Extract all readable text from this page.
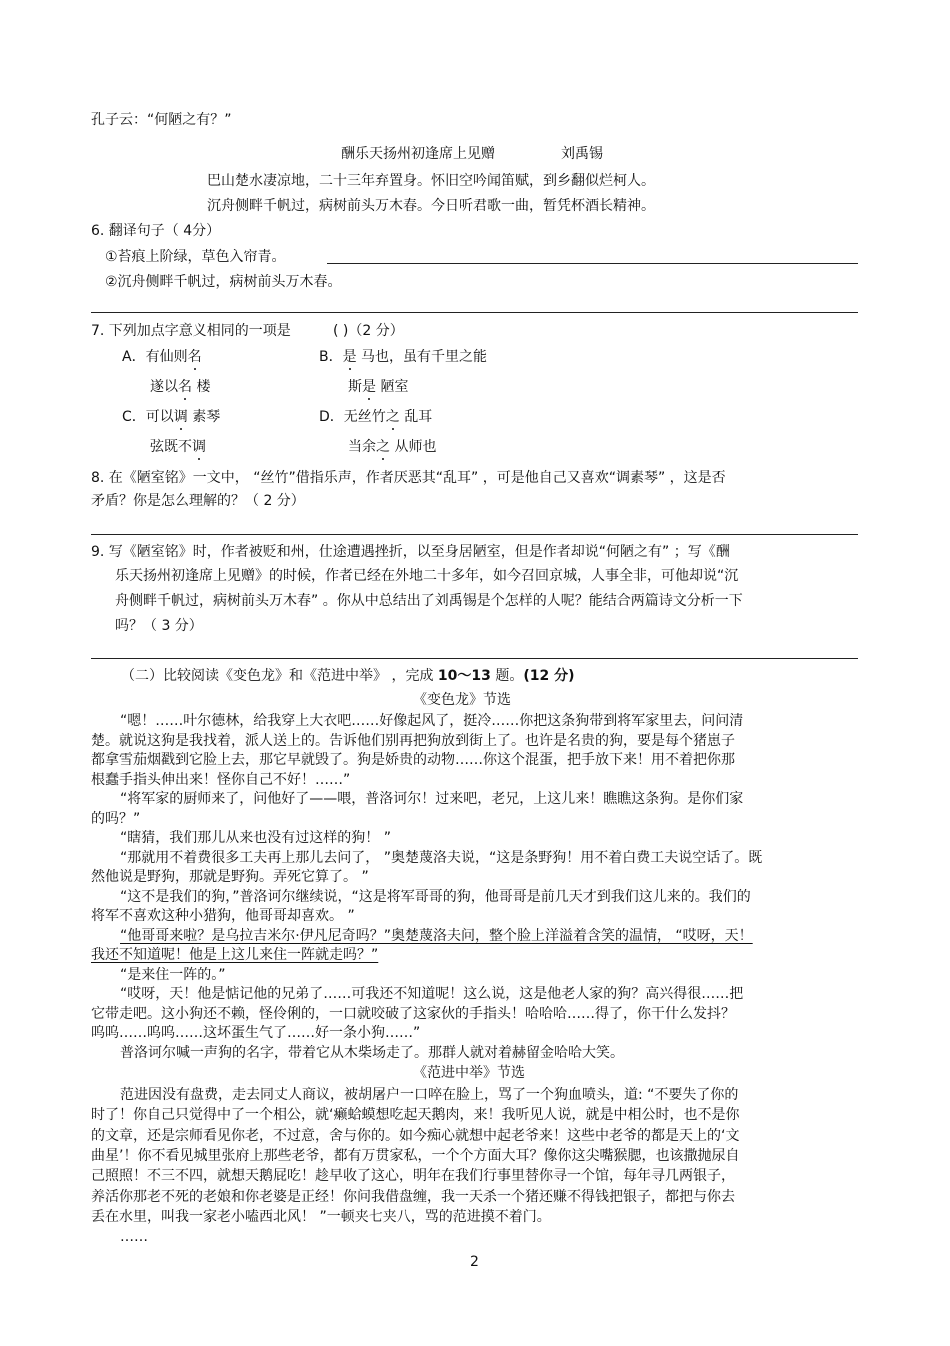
孔子云：“何陋之有？”
酬乐天扬州初逢席上见赠	刘禹锡
巴山楚水凄凉地，二十三年弃置身。怀旧空吟闻笛赋，到乡翻似烂柯人。
沉舟侧畔千帆过，病树前头万木春。今日听君歌一曲，暂凭杯酒长精神。
6. 翻译句子（ 4分）
①苔痕上阶绿，草色入帘青。
②沉舟侧畔千帆过，病树前头万木春。
7. 下列加点字意义相同的一项是	( )（2 分）
A．有仙则名	B．是 马也，虽有千里之能
遂以名 楼	斯是 陋室
C．可以调 素琴	D．无丝竹之 乱耳
弦既不调	当余之 从师也
8. 在《陋室铭》一文中， “丝竹”借指乐声，作者厌恶其“乱耳” ，可是他自己又喜欢“调素琴” ，这是否
矛盾？你是怎么理解的？（ 2 分）
9. 写《陋室铭》时，作者被贬和州，仕途遭遇挫折，以至身居陋室，但是作者却说“何陋之有” ；写《酬
乐天扬州初逢席上见赠》的时候，作者已经在外地二十多年，如今召回京城，人事全非，可他却说“沉
舟侧畔千帆过，病树前头万木春” 。你从中总结出了刘禹锡是个怎样的人呢？能结合两篇诗文分析一下
吗？（ 3 分）
（二）比较阅读《变色龙》和《范进中举》 ，完成 10～13 题。(12 分)
《变色龙》节选
“嗯！……叶尔德林，给我穿上大衣吧……好像起风了，挺冷……你把这条狗带到将军家里去，问问清
楚。就说这狗是我找着，派人送上的。告诉他们别再把狗放到街上了。也许是名贵的狗，要是每个猪崽子
都拿雪茄烟戳到它脸上去，那它早就毁了。狗是娇贵的动物……你这个混蛋，把手放下来！用不着把你那
根蠢手指头伸出来！怪你自己不好！……”
“将军家的厨师来了，问他好了——喂，普洛诃尔！过来吧，老兄，上这儿来！瞧瞧这条狗。是你们家
的吗？”
“瞎猜，我们那儿从来也没有过这样的狗！ ”
“那就用不着费很多工夫再上那儿去问了， ”奥楚蔑洛夫说，“这是条野狗！用不着白费工夫说空话了。既
然他说是野狗，那就是野狗。弄死它算了。 ”
“这不是我们的狗，”普洛诃尔继续说，“这是将军哥哥的狗，他哥哥是前几天才到我们这儿来的。我们的
将军不喜欢这种小猎狗，他哥哥却喜欢。 ”
“他哥哥来啦？是乌拉吉米尔·伊凡尼奇吗？”奥楚蔑洛夫问，整个脸上洋溢着含笑的温情， “哎呀，天！
我还不知道呢！他是上这儿来住一阵就走吗？”
“是来住一阵的。”
“哎呀，天！他是惦记他的兄弟了……可我还不知道呢！这么说，这是他老人家的狗？高兴得很……把
它带走吧。这小狗还不赖，怪伶俐的，一口就咬破了这家伙的手指头！哈哈哈……得了，你干什么发抖？
呜呜……呜呜……这坏蛋生气了……好一条小狗……”
普洛诃尔喊一声狗的名字，带着它从木柴场走了。那群人就对着赫留金哈哈大笑。
《范进中举》节选
范进因没有盘费，走去同丈人商议，被胡屠户一口啐在脸上，骂了一个狗血喷头，道: “不要失了你的
时了！你自己只觉得中了一个相公，就‘癞蛤蟆想吃起天鹅肉，来！我听见人说，就是中相公时，也不是你
的文章，还是宗师看见你老，不过意，舍与你的。如今痴心就想中起老爷来！这些中老爷的都是天上的‘文
曲星’！你不看见城里张府上那些老爷，都有万贯家私，一个个方面大耳？像你这尖嘴猴腮，也该撒抛尿自
己照照！不三不四，就想天鹅屁吃！趁早收了这心，明年在我们行事里替你寻一个馆，每年寻几两银子，
养活你那老不死的老娘和你老婆是正经！你问我借盘缠，我一天杀一个猪还赚不得钱把银子，都把与你去
丢在水里，叫我一家老小嗑西北风！ ”一顿夹七夹八，骂的范进摸不着门。
……
2
